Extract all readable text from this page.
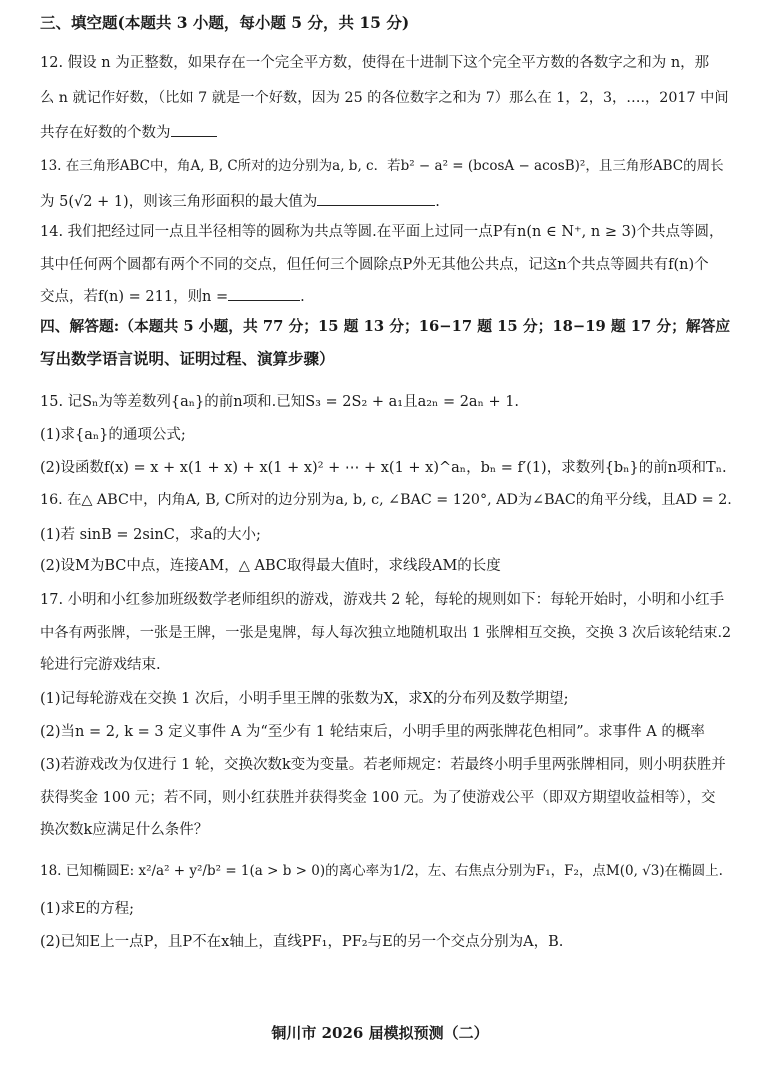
三、填空题(本题共 3 小题，每小题 5 分，共 15 分)
12. 假设 n 为正整数，如果存在一个完全平方数，使得在十进制下这个完全平方数的各数字之和为 n，那
么 n 就记作好数，（比如 7 就是一个好数，因为 25 的各位数字之和为 7）那么在 1，2，3，….，2017 中间
共存在好数的个数为
13. 在三角形ABC中，角A, B, C所对的边分别为a, b, c．若b² − a² = (bcosA − acosB)²，且三角形ABC的周长
为 5(√2 + 1)，则该三角形面积的最大值为	.
14. 我们把经过同一点且半径相等的圆称为共点等圆.在平面上过同一点P有n(n ∈ N⁺, n ≥ 3)个共点等圆，
其中任何两个圆都有两个不同的交点，但任何三个圆除点P外无其他公共点，记这n个共点等圆共有f(n)个
交点，若f(n) = 211，则n =	.
四、解答题:（本题共 5 小题，共 77 分；15 题 13 分；16−17 题 15 分；18−19 题 17 分；解答应
写出数学语言说明、证明过程、演算步骤）
15. 记Sₙ为等差数列{aₙ}的前n项和.已知S₃ = 2S₂ + a₁且a₂ₙ = 2aₙ + 1.
(1)求{aₙ}的通项公式;
(2)设函数f(x) = x + x(1 + x) + x(1 + x)² + ⋯ + x(1 + x)^aₙ，bₙ = f′(1)，求数列{bₙ}的前n项和Tₙ.
16. 在△ ABC中，内角A, B, C所对的边分别为a, b, c, ∠BAC = 120°, AD为∠BAC的角平分线，且AD = 2.
(1)若 sinB = 2sinC，求a的大小;
(2)设M为BC中点，连接AM，△ ABC取得最大值时，求线段AM的长度
17. 小明和小红参加班级数学老师组织的游戏，游戏共 2 轮，每轮的规则如下：每轮开始时，小明和小红手
中各有两张牌，一张是王牌，一张是鬼牌，每人每次独立地随机取出 1 张牌相互交换，交换 3 次后该轮结束.2
轮进行完游戏结束.
(1)记每轮游戏在交换 1 次后，小明手里王牌的张数为X，求X的分布列及数学期望;
(2)当n = 2, k = 3 定义事件 A 为“至少有 1 轮结束后，小明手里的两张牌花色相同”。求事件 A 的概率
(3)若游戏改为仅进行 1 轮，交换次数k变为变量。若老师规定：若最终小明手里两张牌相同，则小明获胜并
获得奖金 100 元；若不同，则小红获胜并获得奖金 100 元。为了使游戏公平（即双方期望收益相等），交
换次数k应满足什么条件？
18. 已知椭圆E: x²/a² + y²/b² = 1(a > b > 0)的离心率为1/2，左、右焦点分别为F₁，F₂，点M(0, √3)在椭圆上.
(1)求E的方程;
(2)已知E上一点P，且P不在x轴上，直线PF₁，PF₂与E的另一个交点分别为A，B.
铜川市 2026 届模拟预测（二）
